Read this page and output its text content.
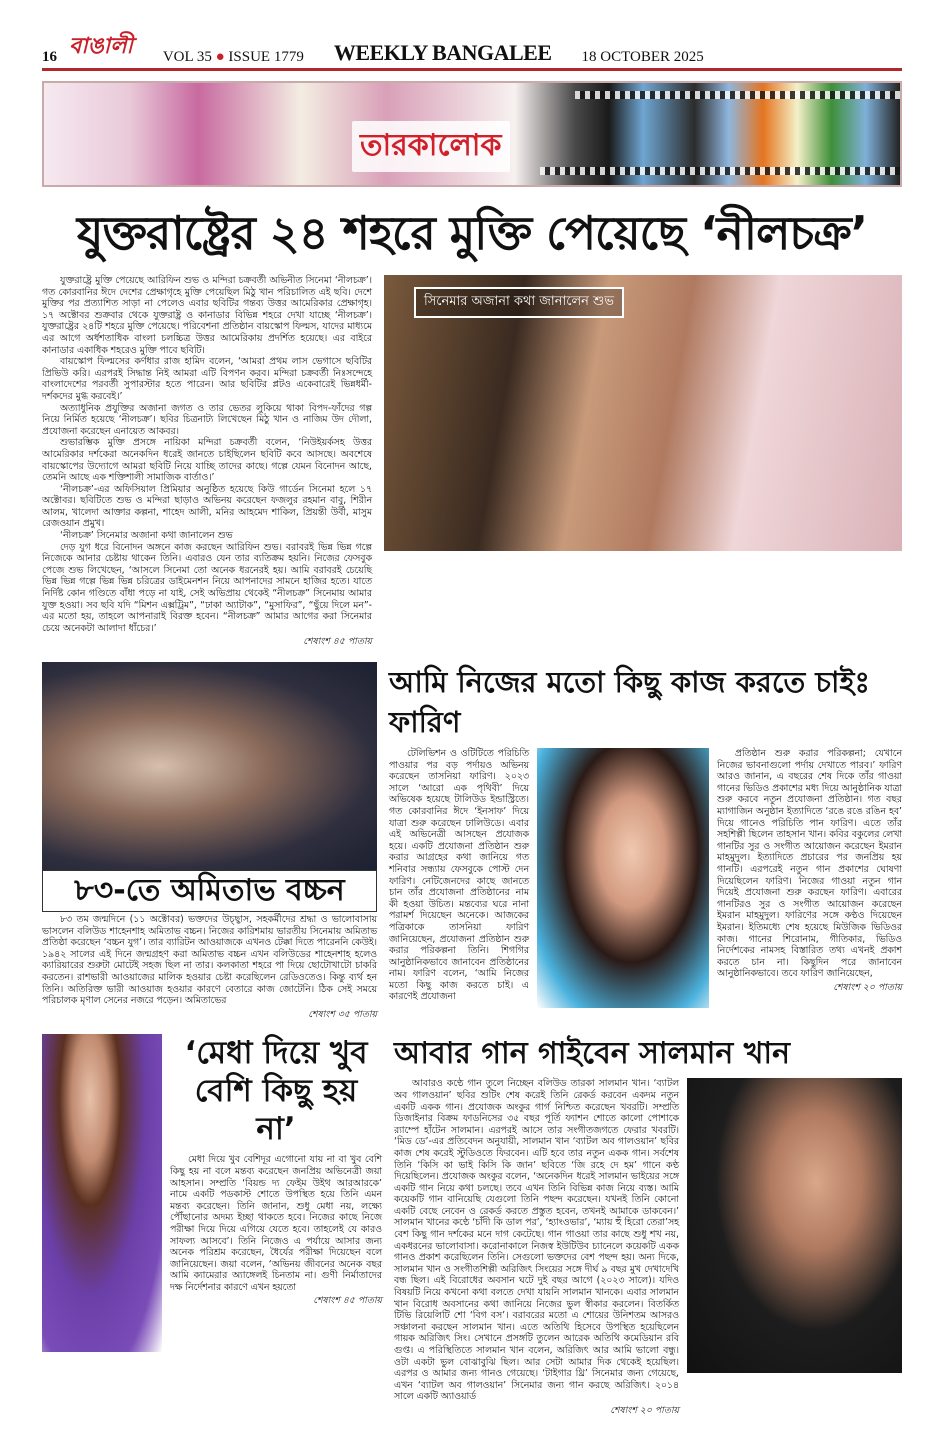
16 বাঙালী VOL 35 ● ISSUE 1779 WEEKLY BANGALEE 18 OCTOBER 2025
তারকালোক
যুক্তরাষ্ট্রের ২৪ শহরে মুক্তি পেয়েছে ‘নীলচক্র’

যুক্তরাষ্ট্রে মুক্তি পেয়েছে আরিফিন শুভ ও মন্দিরা চক্রবর্তী অভিনীত সিনেমা ‘নীলচক্র’। গত কোরবানির ঈদে দেশের প্রেক্ষাগৃহে মুক্তি পেয়েছিল মিঠু খান পরিচালিত এই ছবি। দেশে মুক্তির পর প্রত্যাশিত সাড়া না পেলেও এবার ছবিটির গন্তব্য উত্তর আমেরিকার প্রেক্ষাগৃহ। ১৭ অক্টোবর শুক্রবার থেকে যুক্তরাষ্ট্র ও কানাডার বিভিন্ন শহরে দেখা যাচ্ছে ‘নীলচক্র’। যুক্তরাষ্ট্রের ২৪টি শহরে মুক্তি পেয়েছে। পরিবেশনা প্রতিষ্ঠান বায়স্কোপ ফিল্মস, যাদের মাধ্যমে এর আগে অর্ধশতাধিক বাংলা চলচ্চিত্র উত্তর আমেরিকায় প্রদর্শিত হয়েছে। এর বাইরে কানাডার একাধিক শহরেও মুক্তি পাবে ছবিটি।

বায়স্কোপ ফিল্মসের কর্ণধার রাজ হামিদ বলেন, ‘আমরা প্রথম লাস ভেগাসে ছবিটির প্রিভিউ করি। এরপরই সিদ্ধান্ত নিই আমরা এটি বিপণন করব। মন্দিরা চক্রবর্তী নিঃসন্দেহে বাংলাদেশের পরবর্তী সুপারস্টার হতে পারেন। আর ছবিটির প্লটও একেবারেই ভিন্নধর্মী-দর্শকদের মুগ্ধ করবেই।’

অত্যাধুনিক প্রযুক্তির অজানা জগত ও তার ভেতর লুকিয়ে থাকা বিপদ-ফাঁদের গল্প নিয়ে নির্মিত হয়েছে ‘নীলচক্র’। ছবির চিত্রনাট্য লিখেছেন মিঠু খান ও নাজিম উদ দৌলা, প্রযোজনা করেছেন এনায়েত আকবর।

শুভারম্ভিক মুক্তি প্রসঙ্গে নায়িকা মন্দিরা চক্রবর্তী বলেন, ‘নিউইয়র্কসহ উত্তর আমেরিকার দর্শকেরা অনেকদিন ধরেই জানতে চাইছিলেন ছবিটি কবে আসছে। অবশেষে বায়স্কোপের উদ্যোগে আমরা ছবিটি নিয়ে যাচ্ছি তাদের কাছে। গল্পে যেমন বিনোদন আছে, তেমনি আছে এক শক্তিশালী সামাজিক বার্তাও।’

‘নীলচক্র’-এর অফিসিয়াল প্রিমিয়ার অনুষ্ঠিত হয়েছে কিউ গার্ডেন সিনেমা হলে ১৭ অক্টোবর। ছবিটিতে শুভ ও মন্দিরা ছাড়াও অভিনয় করেছেন ফজলুর রহমান বাবু, শিরীন আলম, খালেদা আক্তার কল্পনা, শাহেদ আলী, মনির আহমেদ শাকিল, প্রিয়ন্তী উর্বী, মাসুম রেজওয়ান প্রমুখ।

‘নীলচক্র’ সিনেমার অজানা কথা জানালেন শুভ

দেড় যুগ ধরে বিনোদন অঙ্গনে কাজ করছেন আরিফিন শুভ। বরাবরই ভিন্ন ভিন্ন গল্পে নিজেকে আনার চেষ্টায় থাকেন তিনি। এবারও যেন তার ব্যতিক্রম হয়নি। নিজের ফেসবুক পেজে শুভ লিখেছেন, ‘আসলে সিনেমা তো অনেক ধরনেরই হয়। আমি বরাবরই চেয়েছি ভিন্ন ভিন্ন গল্পে ভিন্ন ভিন্ন চরিত্রের ডাইমেনশন নিয়ে আপনাদের সামনে হাজির হতে। যাতে নির্দিষ্ট কোন গণ্ডিতে বাঁধা পড়ে না যাই, সেই অভিপ্রায় থেকেই “নীলচক্র” সিনেমায় আমার যুক্ত হওয়া। সব ছবি যদি “মিশন এক্সট্রিম”, “ঢাকা অ্যাটাক”, “মুসাফির”, “ছুঁয়ে দিলে মন”-এর মতো হয়, তাহলে আপনারাই বিরক্ত হবেন। “নীলচক্র” আমার আগের করা সিনেমার চেয়ে অনেকটা আলাদা ধাঁচের।’

শেষাংশ ৪৫ পাতায়
সিনেমার অজানা কথা জানালেন শুভ
৮৩-তে অমিতাভ বচ্চন

৮৩ তম জন্মদিনে (১১ অক্টোবর) ভক্তদের উচ্ছ্বাস, সহকর্মীদের শ্রদ্ধা ও ভালোবাসায় ভাসলেন বলিউড শাহেনশাহ অমিতাভ বচ্চন। নিজের কারিশমায় ভারতীয় সিনেমায় অমিতাভ প্রতিষ্ঠা করেছেন ‘বচ্চন যুগ’। তার ব্যারিটন আওয়াজকে এখনও টেক্কা দিতে পারেননি কেউই। ১৯৪২ সালের এই দিনে জন্মগ্রহণ করা অমিতাভ বচ্চন এখন বলিউডের শাহেনশাহ হলেও ক্যারিয়ারের শুরুটা মোটেই সহজ ছিল না তার। কলকাতা শহরে পা দিয়ে ছোটোখাটো চাকরি করতেন। রাশভারী আওয়াজের মালিক হওয়ার চেষ্টা করেছিলেন রেডিওতেও। কিন্তু ব্যর্থ হন তিনি। অতিরিক্ত ভারী আওয়াজ হওয়ার কারণে বেতারে কাজ জোটেনি। ঠিক সেই সময়ে পরিচালক মৃণাল সেনের নজরে পড়েন। অমিতাভের

শেষাংশ ৩৫ পাতায়
আমি নিজের মতো কিছু কাজ করতে চাইঃ ফারিণ

টেলিভিশন ও ওটিটিতে পরিচিতি পাওয়ার পর বড় পর্দায়ও অভিনয় করেছেন তাসনিয়া ফারিণ। ২০২৩ সালে ‘আরো এক পৃথিবী’ দিয়ে অভিষেক হয়েছে টালিউড ইন্ডাস্ট্রিতে। গত কোরবানির ঈদে ‘ইনসাফ’ দিয়ে যাত্রা শুরু করেছেন ঢালিউডে। এবার এই অভিনেত্রী আসছেন প্রযোজক হয়ে। একটি প্রযোজনা প্রতিষ্ঠান শুরু করার আগ্রহের কথা জানিয়ে গত শনিবার সন্ধ্যায় ফেসবুকে পোস্ট দেন ফারিণ। নেটিজেনদের কাছে জানতে চান তাঁর প্রযোজনা প্রতিষ্ঠানের নাম কী হওয়া উচিত। মন্তব্যের ঘরে নানা পরামর্শ দিয়েছেন অনেকে। আজকের পত্রিকাকে তাসনিয়া ফারিণ জানিয়েছেন, প্রযোজনা প্রতিষ্ঠান শুরু করার পরিকল্পনা তিনি। শিগগির আনুষ্ঠানিকভাবে জানাবেন প্রতিষ্ঠানের নাম। ফারিণ বলেন, ‘আমি নিজের মতো কিছু কাজ করতে চাই। এ কারণেই প্রযোজনা

প্রতিষ্ঠান শুরু করার পরিকল্পনা; যেখানে নিজের ভাবনাগুলো পর্দায় দেখাতে পারব।’ ফারিণ আরও জানান, এ বছরের শেষ দিকে তাঁর গাওয়া গানের ভিডিও প্রকাশের মধ্য দিয়ে আনুষ্ঠানিক যাত্রা শুরু করবে নতুন প্রযোজনা প্রতিষ্ঠান। গত বছর ম্যাগাজিন অনুষ্ঠান ইত্যাদিতে ‘রঙে রঙে রঙিন হব’ দিয়ে গানেও পরিচিতি পান ফারিণ। এতে তাঁর সহশিল্পী ছিলেন তাহসান খান। কবির বকুলের লেখা গানটির সুর ও সংগীত আয়োজন করেছেন ইমরান মাহমুদুল। ইত্যাদিতে প্রচারের পর জনপ্রিয় হয় গানটি। এরপরেই নতুন গান প্রকাশের ঘোষণা দিয়েছিলেন ফারিণ। নিজের গাওয়া নতুন গান দিয়েই প্রযোজনা শুরু করছেন ফারিণ। এবারের গানটিরও সুর ও সংগীত আয়োজন করেছেন ইমরান মাহমুদুল। ফারিণের সঙ্গে কণ্ঠও দিয়েছেন ইমরান। ইতিমধ্যে শেষ হয়েছে মিউজিক ভিডিওর কাজ। গানের শিরোনাম, গীতিকার, ভিডিও নির্দেশকের নামসহ বিস্তারিত তথ্য এখনই প্রকাশ করতে চান না। কিছুদিন পরে জানাবেন আনুষ্ঠানিকভাবে। তবে ফারিণ জানিয়েছেন,

শেষাংশ ২০ পাতায়
‘মেধা দিয়ে খুব
বেশি কিছু হয় না’

মেধা দিয়ে খুব বেশিদূর এগোনো যায় না বা খুব বেশি কিছু হয় না বলে মন্তব্য করেছেন জনপ্রিয় অভিনেত্রী জয়া আহসান। সম্প্রতি ‘বিয়ন্ড দ্য ফেইম উইথ আরআরকে’ নামে একটি পডকাস্ট শোতে উপস্থিত হয়ে তিনি এমন মন্তব্য করেছেন। তিনি জানান, শুধু মেধা নয়, লক্ষ্যে পৌঁছানোর অদম্য ইচ্ছা থাকতে হবে। নিজের কাছে নিজে পরীক্ষা দিয়ে দিয়ে এগিয়ে যেতে হবে। তাহলেই যে কারও সাফল্য আসবে’। তিনি নিজেও এ পর্যায়ে আসার জন্য অনেক পরিশ্রম করেছেন, ধৈর্যের পরীক্ষা দিয়েছেন বলে জানিয়েছেন। জয়া বলেন, ‘অভিনয় জীবনের অনেক বছর আমি ক্যামেরার অ্যাঙ্গেলই চিনতাম না। গুণী নির্মাতাদের দক্ষ নির্দেশনার কারণে এখন হয়তো

শেষাংশ ৪৫ পাতায়
আবার গান গাইবেন সালমান খান

আবারও কণ্ঠে গান তুলে নিচ্ছেন বলিউড তারকা সালমান খান। ‘ব্যাটল অব গালওয়ান’ ছবির শুটিং শেষ করেই তিনি রেকর্ড করবেন একদম নতুন একটি একক গান। প্রযোজক অংকুর গার্গ নিশ্চিত করেছেন খবরটি। সম্প্রতি ডিজাইনার বিক্রম ফাডনিসের ৩৫ বছর পূর্তি ফ্যাশন শোতে কালো পোশাকে র‍্যাম্পে হাঁটেন সালমান। এরপরই আসে তার সংগীতজগতে ফেরার খবরটি। ‘মিড ডে’-এর প্রতিবেদন অনুযায়ী, সালমান খান ‘ব্যাটল অব গালওয়ান’ ছবির কাজ শেষ করেই স্টুডিওতে ফিরবেন। এটি হবে তার নতুন একক গান। সর্বশেষ তিনি ‘কিসি কা ভাই কিসি কি জান’ ছবিতে ‘জি রহে দে হম’ গানে কণ্ঠ দিয়েছিলেন। প্রযোজক অংকুর বলেন, ‘অনেকদিন ধরেই সালমান ভাইয়ের সঙ্গে একটি গান নিয়ে কথা চলছে। তবে এখন তিনি বিভিন্ন কাজ নিয়ে ব্যস্ত। আমি কয়েকটি গান বানিয়েছি যেগুলো তিনি পছন্দ করেছেন। যখনই তিনি কোনো একটি বেছে নেবেন ও রেকর্ড করতে প্রস্তুত হবেন, তখনই আমাকে ডাকবেন।’ সালমান খানের কণ্ঠে ‘চাঁদী কি ডাল পর’, ‘হ্যাংওভার’, ‘ম্যায় হুঁ হিরো তেরা’সহ বেশ কিছু গান দর্শকের মনে দাগ কেটেছে। গান গাওয়া তার কাছে শুধু শখ নয়, একধরনের ভালোবাসা। করোনাকালে নিজস্ব ইউটিউব চ্যানেলে কয়েকটি একক গানও প্রকাশ করেছিলেন তিনি। সেগুলো ভক্তদের বেশ পছন্দ হয়। অন্য দিকে, সালমান খান ও সংগীতশিল্পী অরিজিৎ সিংয়ের সঙ্গে দীর্ঘ ৯ বছর মুখ দেখাদেখি বন্ধ ছিল। এই বিরোধের অবসান ঘটে দুই বছর আগে (২০২৩ সালে)। যদিও বিষয়টি নিয়ে কখনো কথা বলতে দেখা যায়নি সালমান খানকে। এবার সালমান খান বিরোধ অবসানের কথা জানিয়ে নিজের ভুল স্বীকার করলেন। বিতর্কিত টিভি রিয়েলিটি শো ‘বিগ বস’। বরাবরের মতো এ শোয়ের উনিশতম আসরও সঞ্চালনা করছেন সালমান খান। এতে অতিথি হিসেবে উপস্থিত হয়েছিলেন গায়ক অরিজিৎ সিং। সেখানে প্রসঙ্গটি তুলেন আরেক অতিথি কমেডিয়ান রবি গুপ্ত। এ পরিস্থিতিতে সালমান খান বলেন, অরিজিৎ আর আমি ভালো বন্ধু। ওটা একটা ভুল বোঝাবুঝি ছিল। আর সেটা আমার দিক থেকেই হয়েছিল। এরপর ও আমার জন্য গানও গেয়েছে। ‘টাইগার থ্রি’ সিনেমার জন্য গেয়েছে, এখন ‘ব্যাটল অব গালওয়ান’ সিনেমার জন্য গান করছে অরিজিৎ। ২০১৪ সালে একটি অ্যাওয়ার্ড

শেষাংশ ২০ পাতায়
